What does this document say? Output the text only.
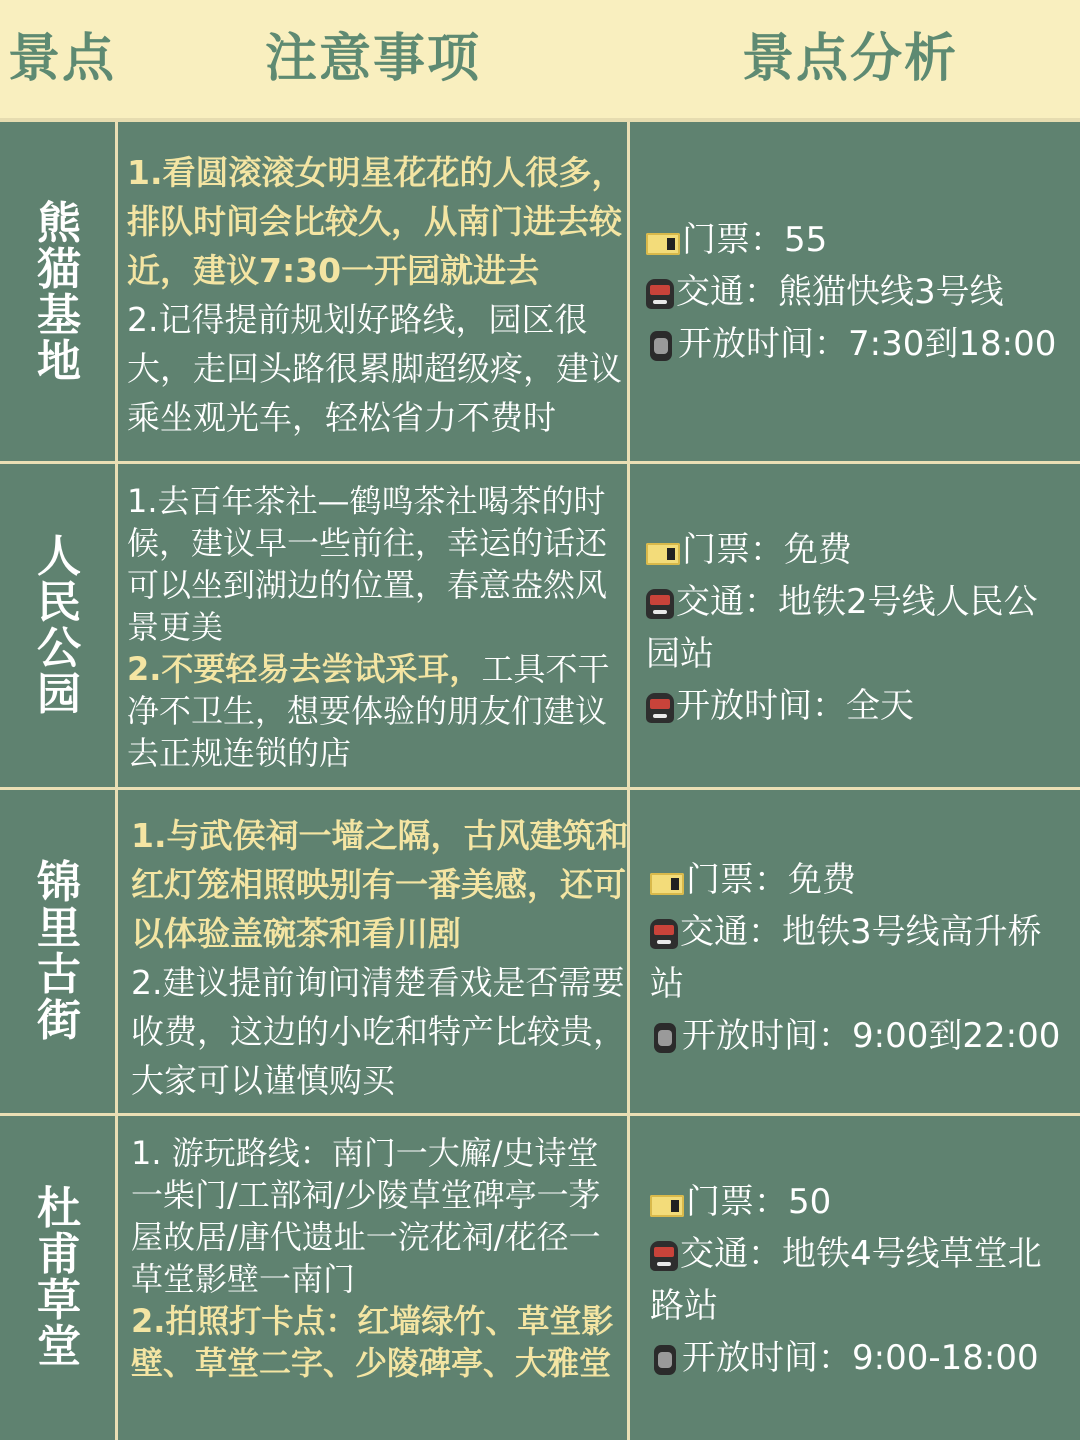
景点	注意事项	景点分析
熊猫基地

1.看圆滚滚女明星花花的人很多，排队时间会比较久，从南门进去较近，建议7:30一开园就进去

2.记得提前规划好路线，园区很大，走回头路很累脚超级疼，建议乘坐观光车，轻松省力不费时

门票：55

交通：熊猫快线3号线

开放时间：7:30到18:00

人民公园

1.去百年茶社—鹤鸣茶社喝茶的时候，建议早一些前往，幸运的话还可以坐到湖边的位置，春意盎然风景更美

2.不要轻易去尝试采耳，工具不干净不卫生，想要体验的朋友们建议去正规连锁的店

门票：免费

交通：地铁2号线人民公园站

开放时间：全天

锦里古街

1.与武侯祠一墙之隔，古风建筑和红灯笼相照映别有一番美感，还可以体验盖碗茶和看川剧

2.建议提前询问清楚看戏是否需要收费，这边的小吃和特产比较贵，大家可以谨慎购买

门票：免费

交通：地铁3号线高升桥站

开放时间：9:00到22:00

杜甫草堂

1. 游玩路线：南门一大廨/史诗堂一柴门/工部祠/少陵草堂碑亭一茅屋故居/唐代遗址一浣花祠/花径一草堂影壁一南门

2.拍照打卡点：红墙绿竹、草堂影壁、草堂二字、少陵碑亭、大雅堂

门票：50

交通：地铁4号线草堂北路站

开放时间：9:00-18:00
